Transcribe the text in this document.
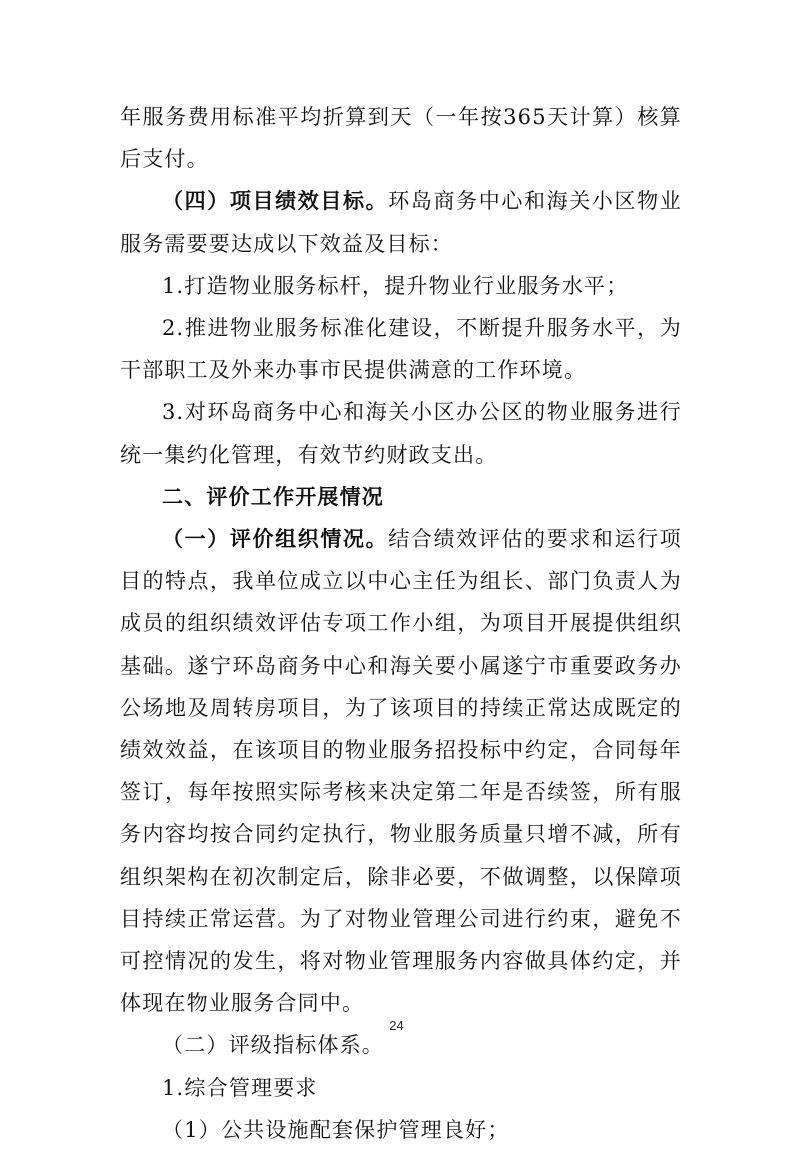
年服务费用标准平均折算到天（一年按365天计算）核算后支付。

（四）项目绩效目标。环岛商务中心和海关小区物业服务需要要达成以下效益及目标：

1.打造物业服务标杆，提升物业行业服务水平；

2.推进物业服务标准化建设，不断提升服务水平，为干部职工及外来办事市民提供满意的工作环境。

3.对环岛商务中心和海关小区办公区的物业服务进行统一集约化管理，有效节约财政支出。

二、评价工作开展情况

（一）评价组织情况。结合绩效评估的要求和运行项目的特点，我单位成立以中心主任为组长、部门负责人为成员的组织绩效评估专项工作小组，为项目开展提供组织基础。遂宁环岛商务中心和海关要小属遂宁市重要政务办公场地及周转房项目，为了该项目的持续正常达成既定的绩效效益，在该项目的物业服务招投标中约定，合同每年签订，每年按照实际考核来决定第二年是否续签，所有服务内容均按合同约定执行，物业服务质量只增不减，所有组织架构在初次制定后，除非必要，不做调整，以保障项目持续正常运营。为了对物业管理公司进行约束，避免不可控情况的发生，将对物业管理服务内容做具体约定，并体现在物业服务合同中。

（二）评级指标体系。

1.综合管理要求

（1）公共设施配套保护管理良好；

24
